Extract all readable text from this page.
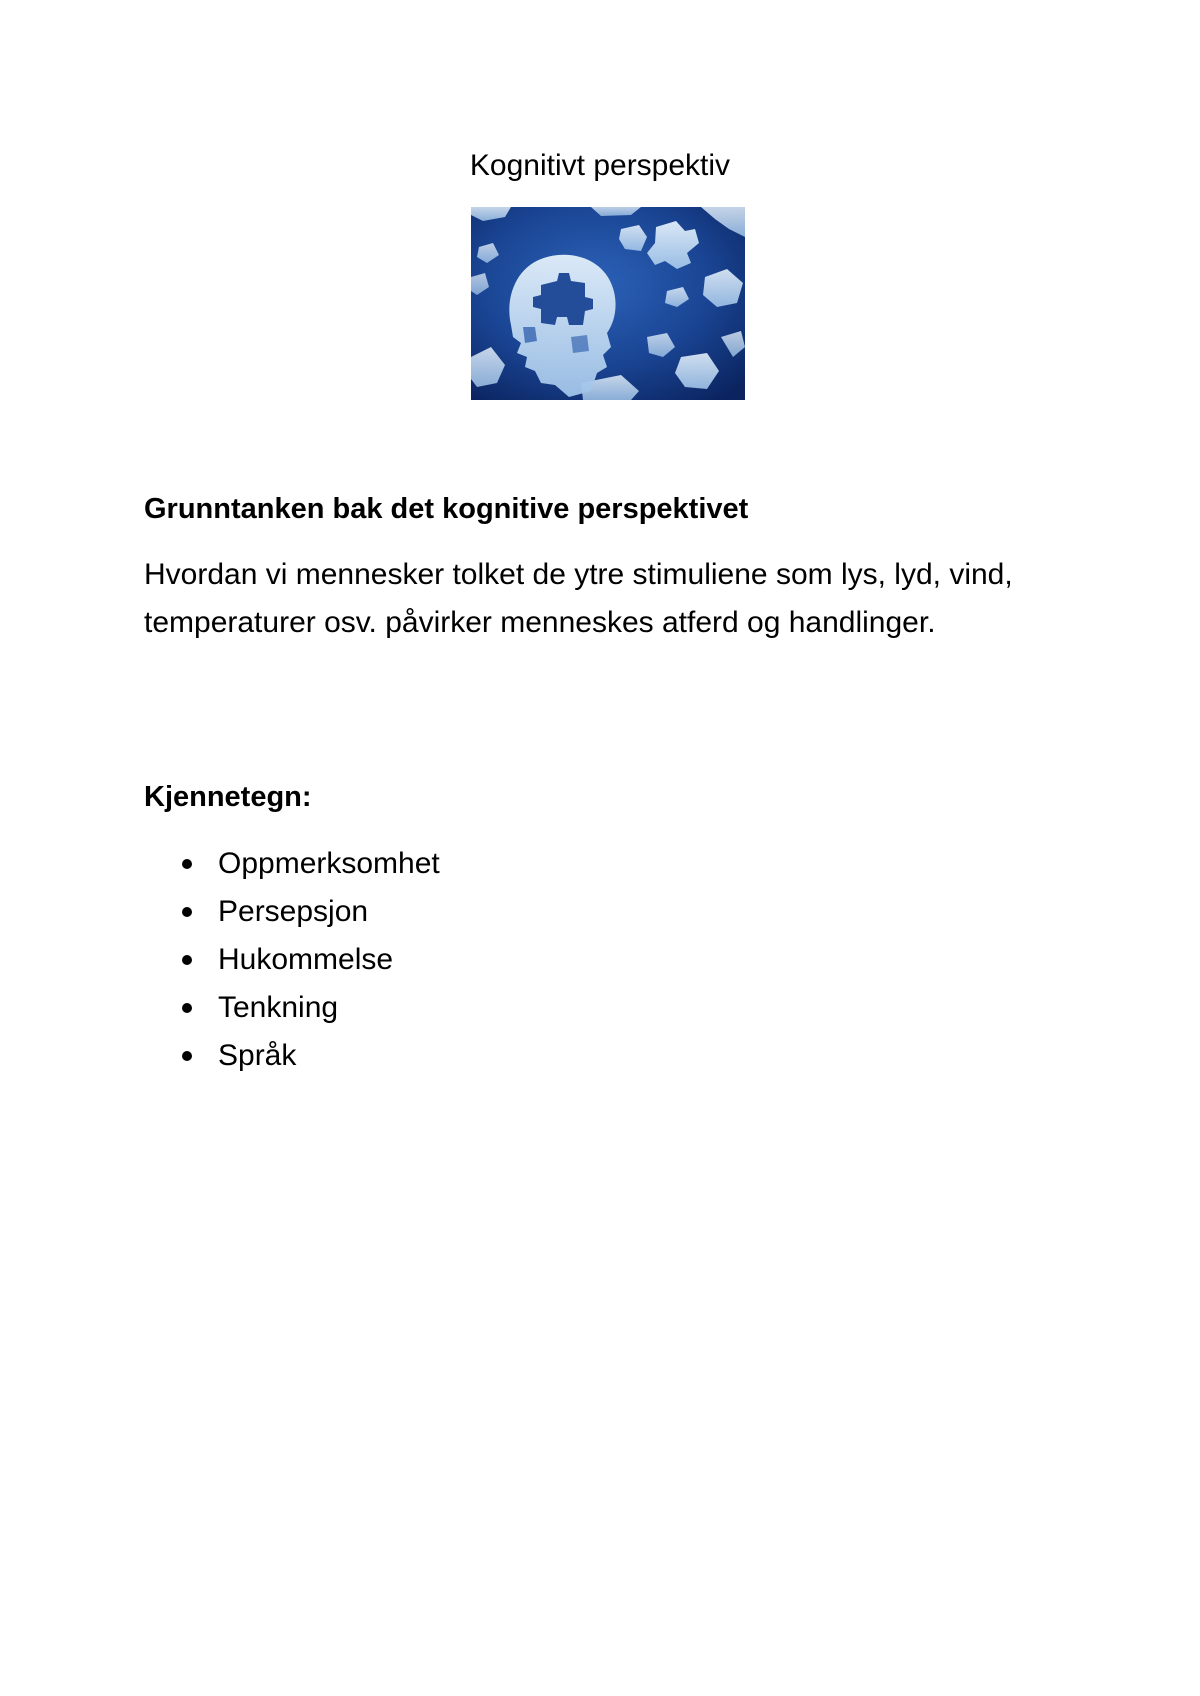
Kognitivt perspektiv
Grunntanken bak det kognitive perspektivet

Hvordan vi mennesker tolket de ytre stimuliene som lys, lyd, vind, temperaturer osv. påvirker menneskes atferd og handlinger.

Kjennetegn:
Oppmerksomhet
Persepsjon
Hukommelse
Tenkning
Språk
